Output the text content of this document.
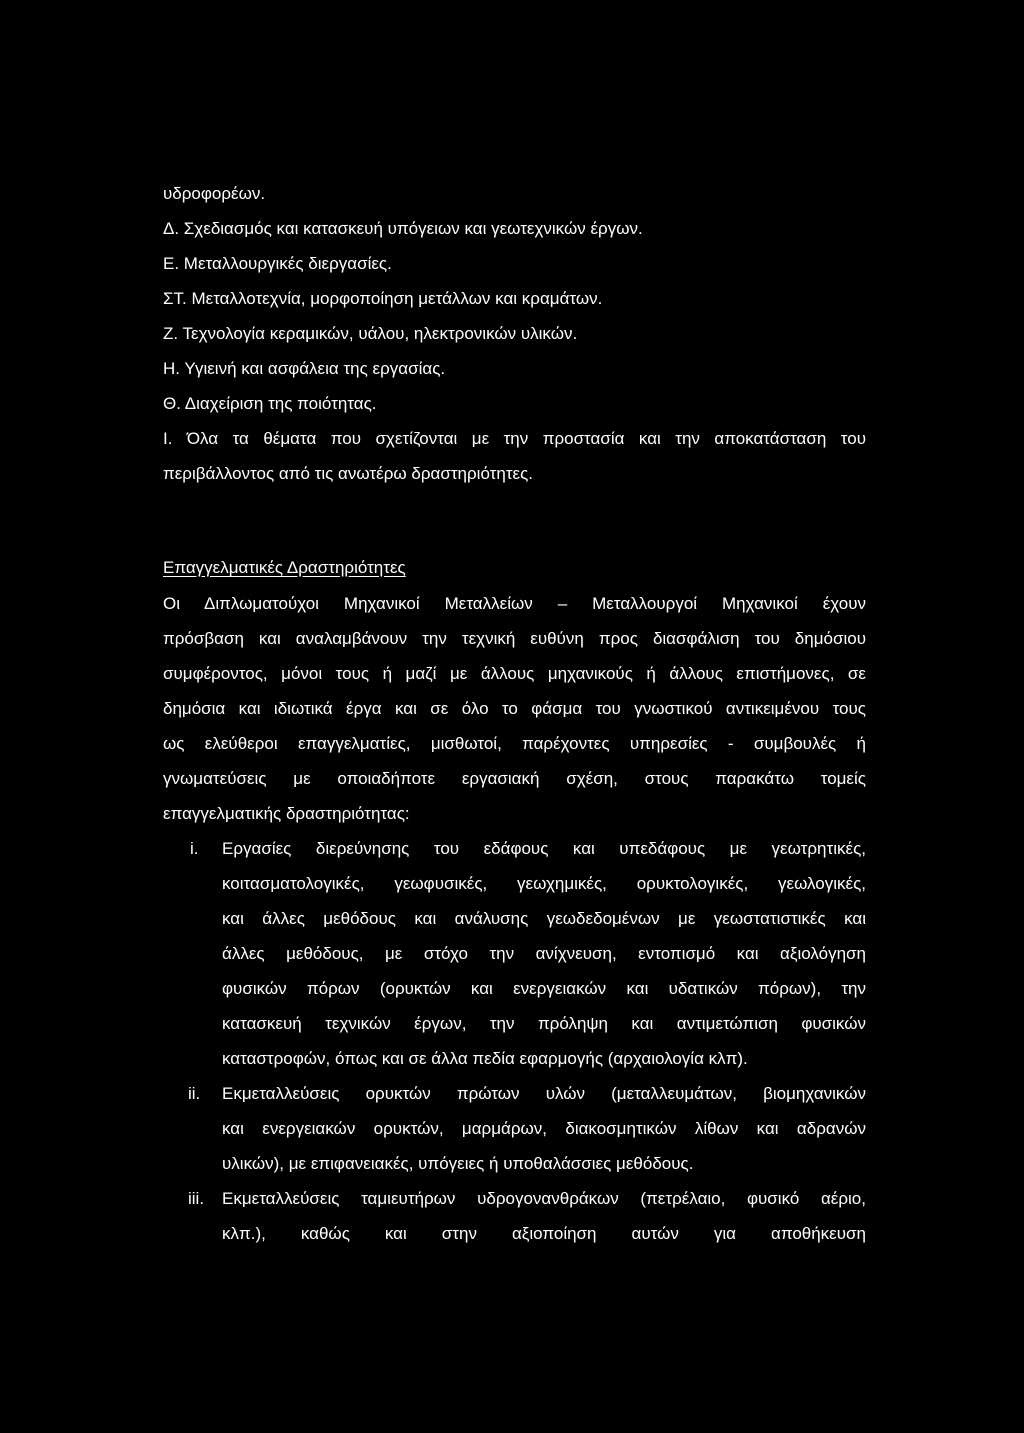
υδροφορέων.
Δ. Σχεδιασμός και κατασκευή υπόγειων και γεωτεχνικών έργων.
Ε. Μεταλλουργικές διεργασίες.
ΣΤ. Μεταλλοτεχνία, μορφοποίηση μετάλλων και κραμάτων.
Ζ. Τεχνολογία κεραμικών, υάλου, ηλεκτρονικών υλικών.
Η. Υγιεινή και ασφάλεια της εργασίας.
Θ. Διαχείριση της ποιότητας.
Ι. Όλα τα θέματα που σχετίζονται με την προστασία και την αποκατάσταση του
περιβάλλοντος από τις ανωτέρω δραστηριότητες.
Επαγγελματικές Δραστηριότητες
Οι Διπλωματούχοι Μηχανικοί Μεταλλείων – Μεταλλουργοί Μηχανικοί έχουν
πρόσβαση και αναλαμβάνουν την τεχνική ευθύνη προς διασφάλιση του δημόσιου
συμφέροντος, μόνοι τους ή μαζί με άλλους μηχανικούς ή άλλους επιστήμονες, σε
δημόσια και ιδιωτικά έργα και σε όλο το φάσμα του γνωστικού αντικειμένου τους
ως ελεύθεροι επαγγελματίες, μισθωτοί, παρέχοντες υπηρεσίες - συμβουλές ή
γνωματεύσεις με οποιαδήποτε εργασιακή σχέση, στους παρακάτω τομείς
επαγγελματικής δραστηριότητας:
i. Εργασίες διερεύνησης του εδάφους και υπεδάφους με γεωτρητικές,
κοιτασματολογικές, γεωφυσικές, γεωχημικές, ορυκτολογικές, γεωλογικές,
και άλλες μεθόδους και ανάλυσης γεωδεδομένων με γεωστατιστικές και
άλλες μεθόδους, με στόχο την ανίχνευση, εντοπισμό και αξιολόγηση
φυσικών πόρων (ορυκτών και ενεργειακών και υδατικών πόρων), την
κατασκευή τεχνικών έργων, την πρόληψη και αντιμετώπιση φυσικών
καταστροφών, όπως και σε άλλα πεδία εφαρμογής (αρχαιολογία κλπ).
ii. Εκμεταλλεύσεις ορυκτών πρώτων υλών (μεταλλευμάτων, βιομηχανικών
και ενεργειακών ορυκτών, μαρμάρων, διακοσμητικών λίθων και αδρανών
υλικών), με επιφανειακές, υπόγειες ή υποθαλάσσιες μεθόδους.
iii. Εκμεταλλεύσεις ταμιευτήρων υδρογονανθράκων (πετρέλαιο, φυσικό αέριο,
κλπ.), καθώς και στην αξιοποίηση αυτών για αποθήκευση
